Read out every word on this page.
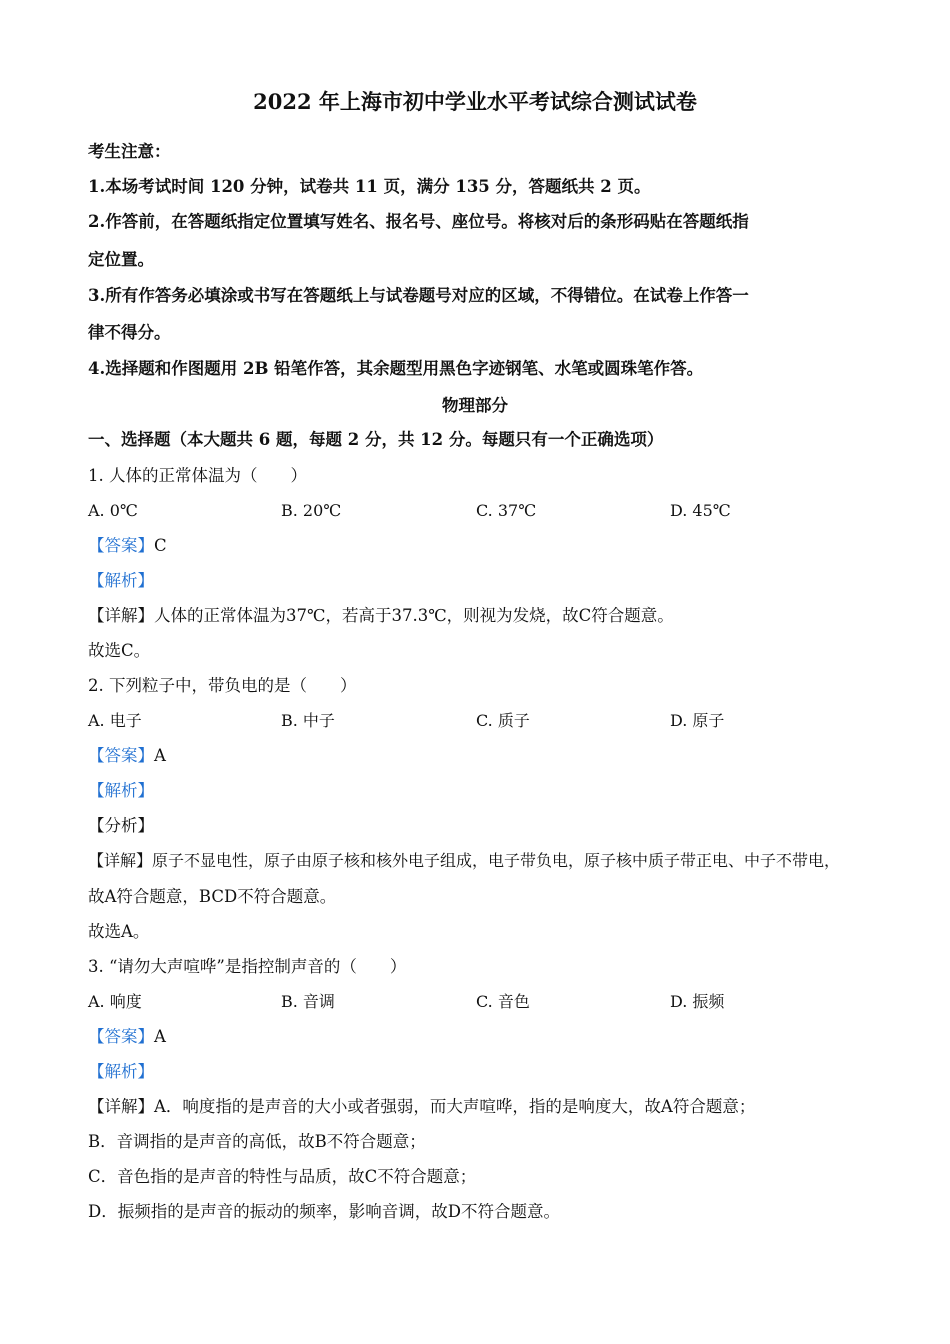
2022 年上海市初中学业水平考试综合测试试卷
考生注意：
1.本场考试时间 120 分钟，试卷共 11 页，满分 135 分，答题纸共 2 页。
2.作答前，在答题纸指定位置填写姓名、报名号、座位号。将核对后的条形码贴在答题纸指
定位置。
3.所有作答务必填涂或书写在答题纸上与试卷题号对应的区域，不得错位。在试卷上作答一
律不得分。
4.选择题和作图题用 2B 铅笔作答，其余题型用黑色字迹钢笔、水笔或圆珠笔作答。
物理部分
一、选择题（本大题共 6 题，每题 2 分，共 12 分。每题只有一个正确选项）
1. 人体的正常体温为（　　）
A. 0℃	B. 20℃	C. 37℃	D. 45℃
【答案】C
【解析】
【详解】人体的正常体温为37℃，若高于37.3℃，则视为发烧，故C符合题意。
故选C。
2. 下列粒子中，带负电的是（　　）
A. 电子	B. 中子	C. 质子	D. 原子
【答案】A
【解析】
【分析】
【详解】原子不显电性，原子由原子核和核外电子组成，电子带负电，原子核中质子带正电、中子不带电，
故A符合题意，BCD不符合题意。
故选A。
3. “请勿大声喧哗”是指控制声音的（　　）
A. 响度	B. 音调	C. 音色	D. 振频
【答案】A
【解析】
【详解】A．响度指的是声音的大小或者强弱，而大声喧哗，指的是响度大，故A符合题意；
B．音调指的是声音的高低，故B不符合题意；
C．音色指的是声音的特性与品质，故C不符合题意；
D．振频指的是声音的振动的频率，影响音调，故D不符合题意。
